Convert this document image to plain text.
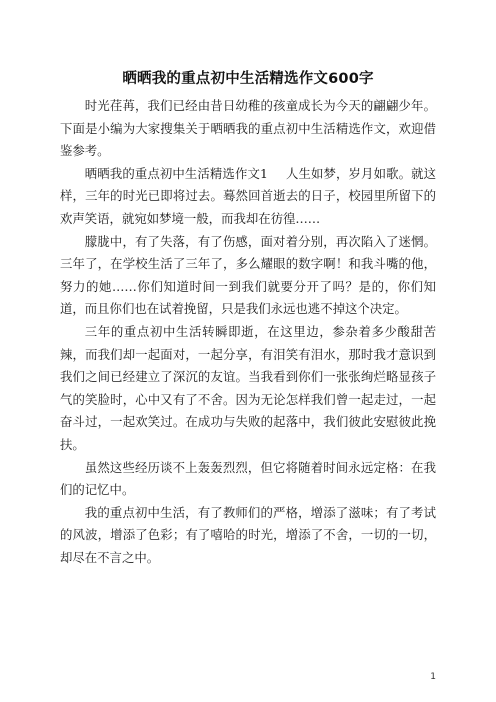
晒晒我的重点初中生活精选作文600字

时光荏苒，我们已经由昔日幼稚的孩童成长为今天的翩翩少年。下面是小编为大家搜集关于晒晒我的重点初中生活精选作文，欢迎借鉴参考。

晒晒我的重点初中生活精选作文1 人生如梦，岁月如歌。就这样，三年的时光已即将过去。蓦然回首逝去的日子，校园里所留下的欢声笑语，就宛如梦境一般，而我却在彷徨……

朦胧中，有了失落，有了伤感，面对着分别，再次陷入了迷惘。三年了，在学校生活了三年了，多么耀眼的数字啊！和我斗嘴的他，努力的她……你们知道时间一到我们就要分开了吗？是的，你们知道，而且你们也在试着挽留，只是我们永远也逃不掉这个决定。

三年的重点初中生活转瞬即逝，在这里边，参杂着多少酸甜苦辣，而我们却一起面对，一起分享，有泪笑有泪水，那时我才意识到我们之间已经建立了深沉的友谊。当我看到你们一张张绚烂略显孩子气的笑脸时，心中又有了不舍。因为无论怎样我们曾一起走过，一起奋斗过，一起欢笑过。在成功与失败的起落中，我们彼此安慰彼此挽扶。

虽然这些经历谈不上轰轰烈烈，但它将随着时间永远定格：在我们的记忆中。

我的重点初中生活，有了教师们的严格，增添了滋味；有了考试的风波，增添了色彩；有了嘻哈的时光，增添了不舍，一切的一切，却尽在不言之中。

1
